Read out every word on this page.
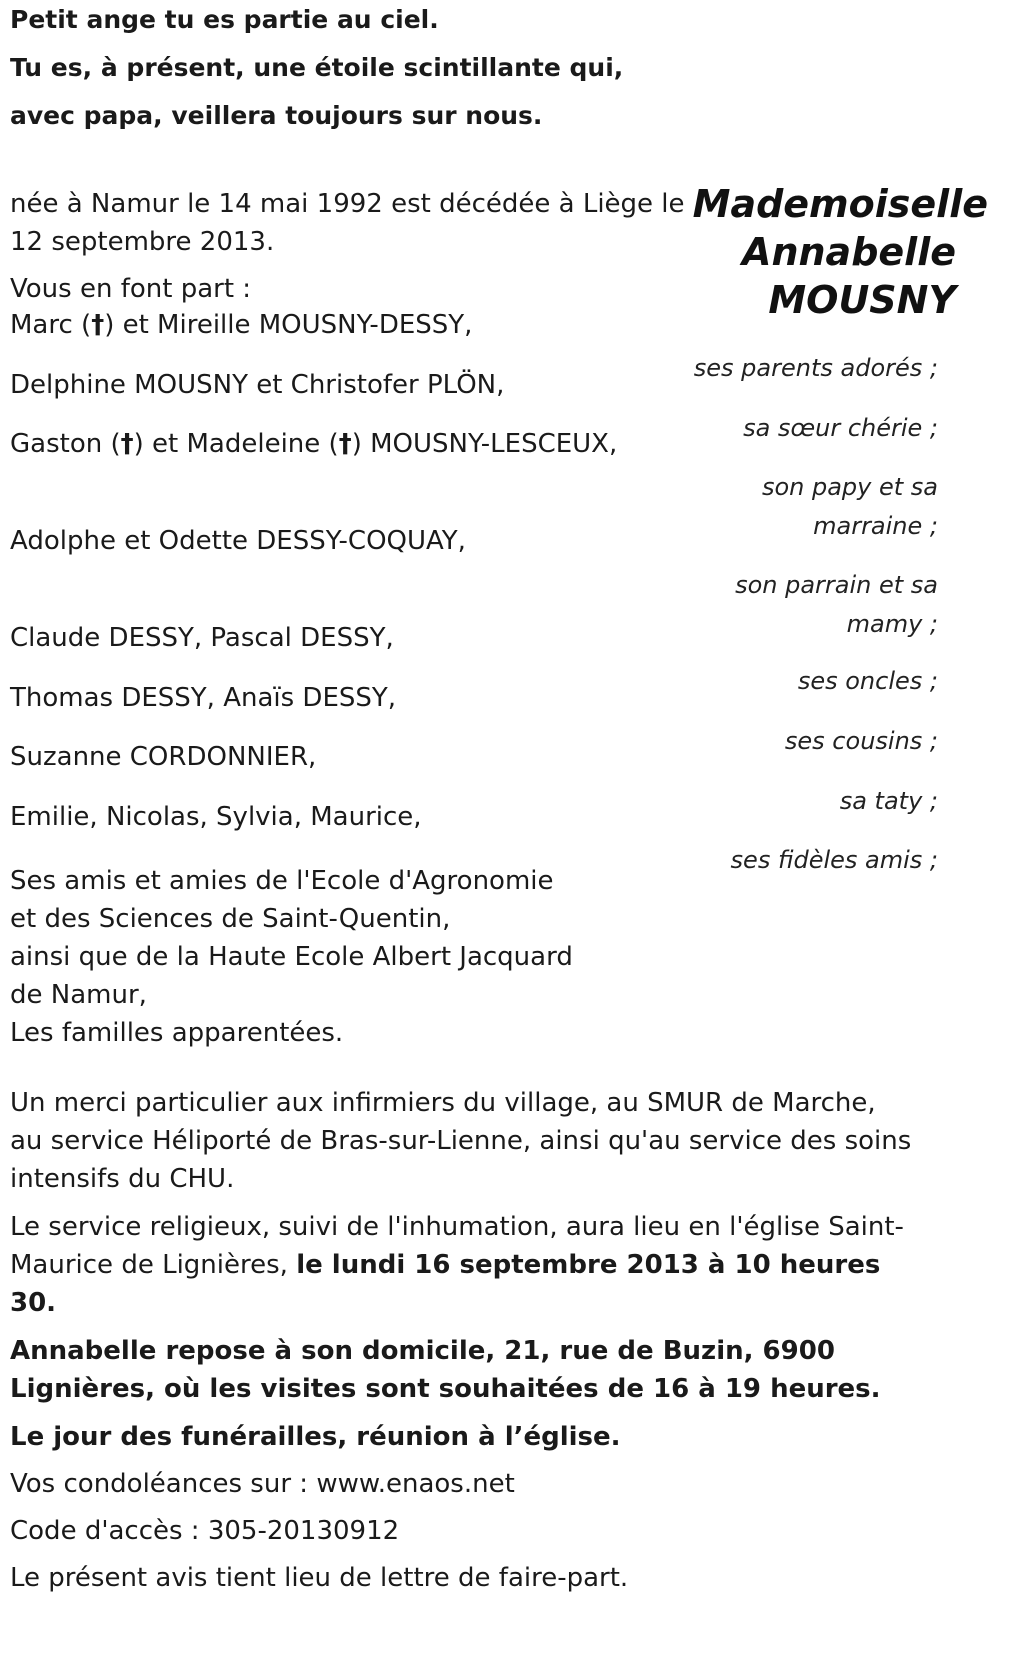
Petit ange tu es partie au ciel.

Tu es, à présent, une étoile scintillante qui,

avec papa, veillera toujours sur nous.

Mademoiselle
Annabelle
MOUSNY

née à Namur le 14 mai 1992 est décédée à Liège le 12 septembre 2013.

Vous en font part :

Marc (†) et Mireille MOUSNY-DESSY,
Delphine MOUSNY et Christofer PLÖN,
Gaston (†) et Madeleine (†) MOUSNY-LESCEUX,
Adolphe et Odette DESSY-COQUAY,
Claude DESSY, Pascal DESSY,
Thomas DESSY, Anaïs DESSY,
Suzanne CORDONNIER,
Emilie, Nicolas, Sylvia, Maurice,
ses parents adorés ;
sa sœur chérie ;
son papy et sa
marraine ;
son parrain et sa
mamy ;
ses oncles ;
ses cousins ;
sa taty ;
ses fidèles amis ;
Ses amis et amies de l'Ecole d'Agronomie
et des Sciences de Saint-Quentin,
ainsi que de la Haute Ecole Albert Jacquard
de Namur,
Les familles apparentées.

Un merci particulier aux infirmiers du village, au SMUR de Marche, au service Héliporté de Bras-sur-Lienne, ainsi qu'au service des soins intensifs du CHU.

Le service religieux, suivi de l'inhumation, aura lieu en l'église Saint-Maurice de Lignières, le lundi 16 septembre 2013 à 10 heures 30.

Annabelle repose à son domicile, 21, rue de Buzin, 6900 Lignières, où les visites sont souhaitées de 16 à 19 heures.

Le jour des funérailles, réunion à l’église.

Vos condoléances sur : www.enaos.net

Code d'accès : 305-20130912

Le présent avis tient lieu de lettre de faire-part.
